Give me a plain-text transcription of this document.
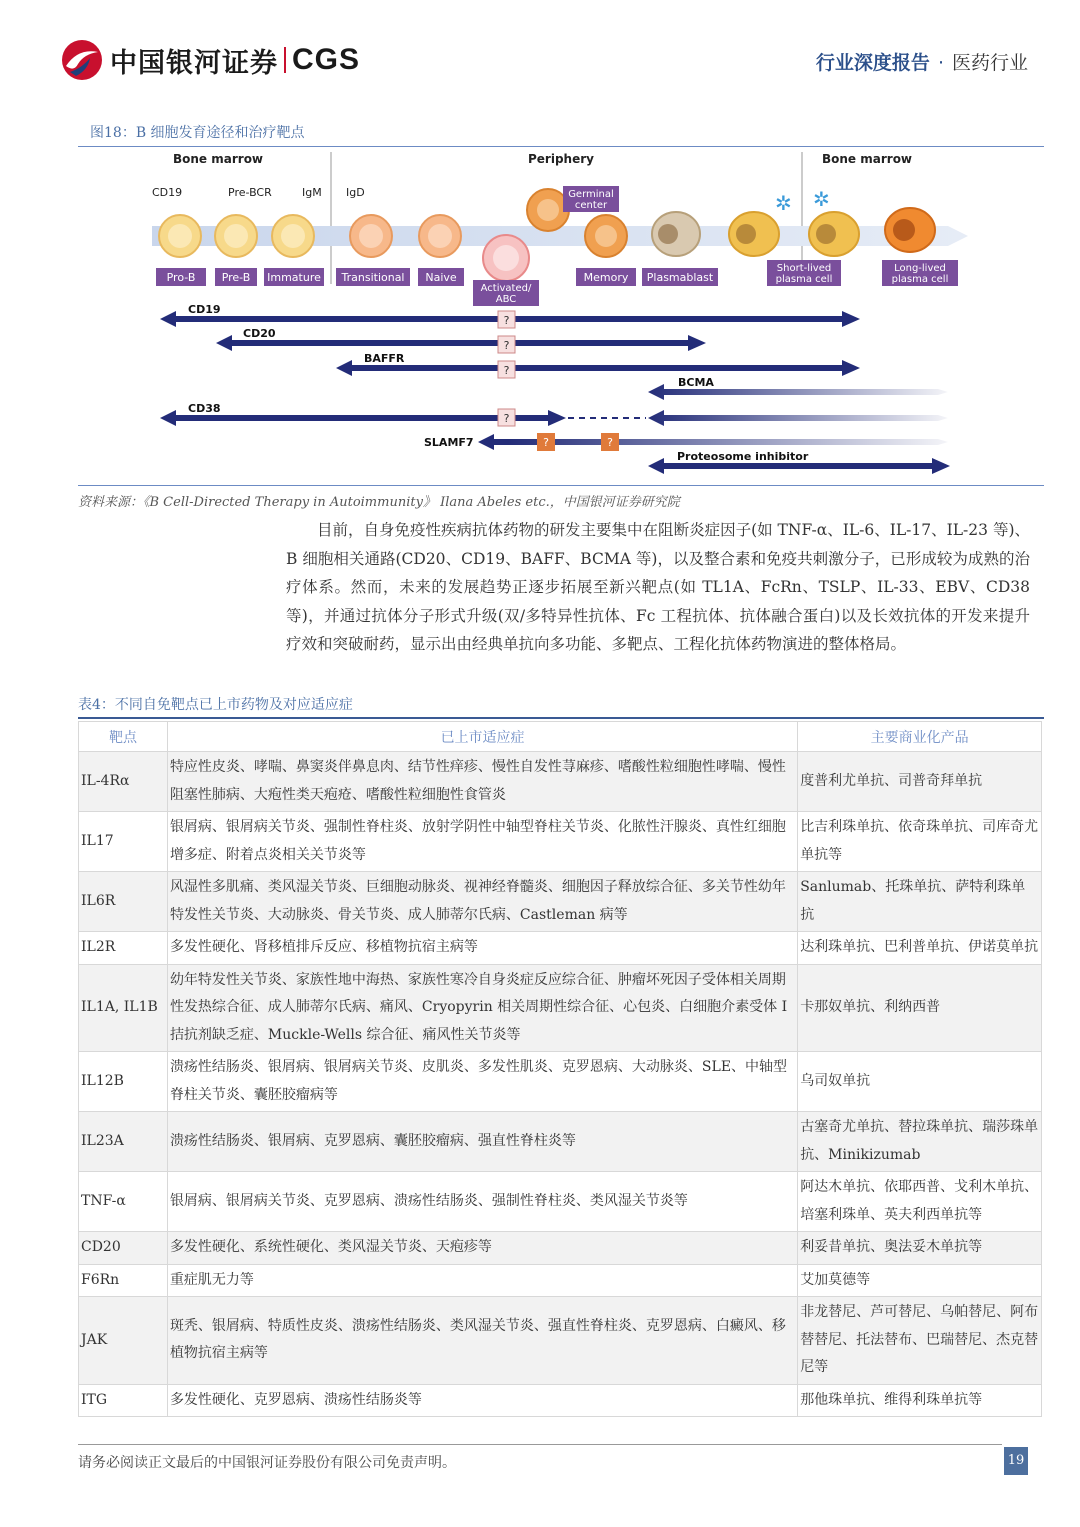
中国银河证券 CGS	行业深度报告 · 医药行业
图18：B 细胞发育途径和治疗靶点
Bone marrow	Periphery	Bone marrow
CD19	Pre-BCR	IgM IgD	✲ ✲
Germinal
center
Pro-B Pre-B Immature Transitional Naive
Activated/
ABC
Memory Plasmablast
Short-lived
plasma cell
Long-lived
plasma cell
CD19
CD20
BAFFR
BCMA
CD38
SLAMF7
Proteosome inhibitor
?
?
?
?
?	?
资料来源：《B Cell-Directed Therapy in Autoimmunity》 Ilana Abeles etc.，中国银河证券研究院
目前，自身免疫性疾病抗体药物的研发主要集中在阻断炎症因子(如 TNF-α、IL-6、IL-17、IL-23 等)、B 细胞相关通路(CD20、CD19、BAFF、BCMA 等)，以及整合素和免疫共刺激分子，已形成较为成熟的治疗体系。然而，未来的发展趋势正逐步拓展至新兴靶点(如 TL1A、FcRn、TSLP、IL-33、EBV、CD38 等)，并通过抗体分子形式升级(双/多特异性抗体、Fc 工程抗体、抗体融合蛋白)以及长效抗体的开发来提升疗效和突破耐药，显示出由经典单抗向多功能、多靶点、工程化抗体药物演进的整体格局。
表4：不同自免靶点已上市药物及对应适应症
靶点	已上市适应症	主要商业化产品
IL-4Rα	特应性皮炎、哮喘、鼻窦炎伴鼻息肉、结节性痒疹、慢性自发性荨麻疹、嗜酸性粒细胞性哮喘、慢性阻塞性肺病、大疱性类天疱疮、嗜酸性粒细胞性食管炎	度普利尤单抗、司普奇拜单抗
IL17	银屑病、银屑病关节炎、强制性脊柱炎、放射学阴性中轴型脊柱关节炎、化脓性汗腺炎、真性红细胞增多症、附着点炎相关关节炎等	比吉利珠单抗、依奇珠单抗、司库奇尤单抗等
IL6R	风湿性多肌痛、类风湿关节炎、巨细胞动脉炎、视神经脊髓炎、细胞因子释放综合征、多关节性幼年特发性关节炎、大动脉炎、骨关节炎、成人肺蒂尔氏病、Castleman 病等	Sanlumab、托珠单抗、萨特利珠单抗
IL2R	多发性硬化、肾移植排斥反应、移植物抗宿主病等	达利珠单抗、巴利普单抗、伊诺莫单抗
IL1A, IL1B	幼年特发性关节炎、家族性地中海热、家族性寒冷自身炎症反应综合征、肿瘤坏死因子受体相关周期性发热综合征、成人肺蒂尔氏病、痛风、Cryopyrin 相关周期性综合征、心包炎、白细胞介素受体 I 拮抗剂缺乏症、Muckle-Wells 综合征、痛风性关节炎等	卡那奴单抗、利纳西普
IL12B	溃疡性结肠炎、银屑病、银屑病关节炎、皮肌炎、多发性肌炎、克罗恩病、大动脉炎、SLE、中轴型脊柱关节炎、囊胚胶瘤病等	乌司奴单抗
IL23A	溃疡性结肠炎、银屑病、克罗恩病、囊胚胶瘤病、强直性脊柱炎等	古塞奇尤单抗、替拉珠单抗、瑞莎珠单抗、Minikizumab
TNF-α	银屑病、银屑病关节炎、克罗恩病、溃疡性结肠炎、强制性脊柱炎、类风湿关节炎等	阿达木单抗、依耶西普、戈利木单抗、培塞利珠单、英夫利西单抗等
CD20	多发性硬化、系统性硬化、类风湿关节炎、天疱疹等	利妥昔单抗、奥法妥木单抗等
F6Rn	重症肌无力等	艾加莫德等
JAK	斑秃、银屑病、特质性皮炎、溃疡性结肠炎、类风湿关节炎、强直性脊柱炎、克罗恩病、白癜风、移植物抗宿主病等	非龙替尼、芦可替尼、乌帕替尼、阿布替替尼、托法替布、巴瑞替尼、杰克替尼等
ITG	多发性硬化、克罗恩病、溃疡性结肠炎等	那他珠单抗、维得利珠单抗等
请务必阅读正文最后的中国银河证券股份有限公司免责声明。	19
